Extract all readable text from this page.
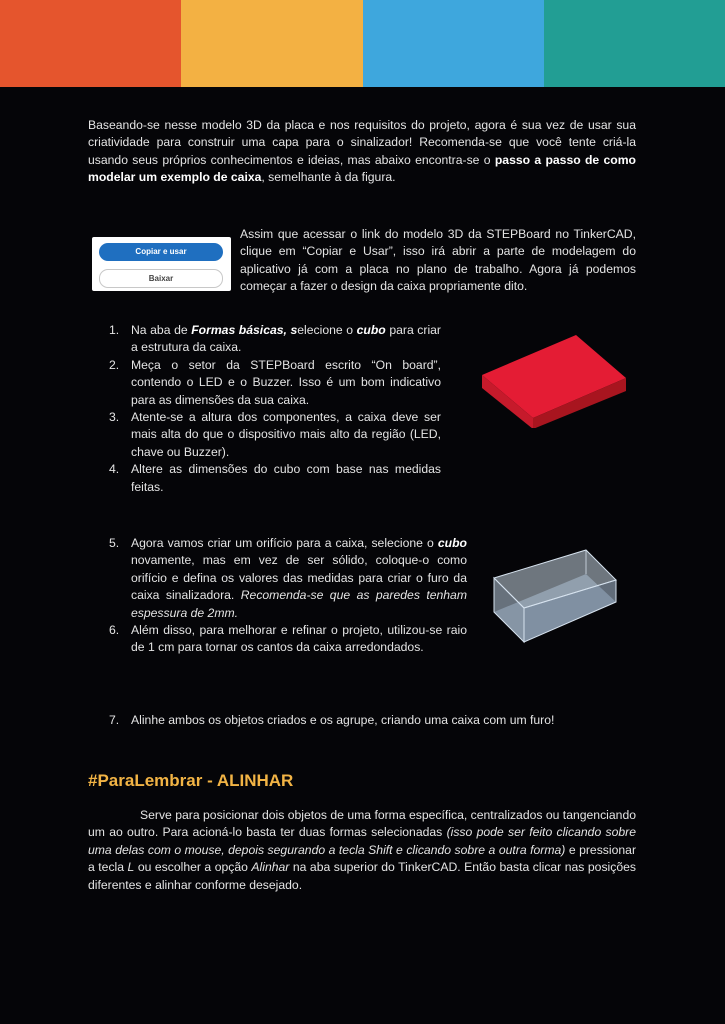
Baseando-se nesse modelo 3D da placa e nos requisitos do projeto, agora é sua vez de usar sua criatividade para construir uma capa para o sinalizador! Recomenda-se que você tente criá-la usando seus próprios conhecimentos e ideias, mas abaixo encontra-se o passo a passo de como modelar um exemplo de caixa, semelhante à da figura.

Copiar e usar
Baixar

Assim que acessar o link do modelo 3D da STEPBoard no TinkerCAD, clique em “Copiar e Usar”, isso irá abrir a parte de modelagem do aplicativo já com a placa no plano de trabalho. Agora já podemos começar a fazer o design da caixa propriamente dito.

1. Na aba de Formas básicas, selecione o cubo para criar a estrutura da caixa.
2. Meça o setor da STEPBoard escrito “On board”, contendo o LED e o Buzzer. Isso é um bom indicativo para as dimensões da sua caixa.
3. Atente-se a altura dos componentes, a caixa deve ser mais alta do que o dispositivo mais alto da região (LED, chave ou Buzzer).
4. Altere as dimensões do cubo com base nas medidas feitas.
5. Agora vamos criar um orifício para a caixa, selecione o cubo novamente, mas em vez de ser sólido, coloque-o como orifício e defina os valores das medidas para criar o furo da caixa sinalizadora. Recomenda-se que as paredes tenham espessura de 2mm.
6. Além disso, para melhorar e refinar o projeto, utilizou-se raio de 1 cm para tornar os cantos da caixa arredondados.
7. Alinhe ambos os objetos criados e os agrupe, criando uma caixa com um furo!
#ParaLembrar - ALINHAR

Serve para posicionar dois objetos de uma forma específica, centralizados ou tangenciando um ao outro. Para acioná-lo basta ter duas formas selecionadas (isso pode ser feito clicando sobre uma delas com o mouse, depois segurando a tecla Shift e clicando sobre a outra forma) e pressionar a tecla L ou escolher a opção Alinhar na aba superior do TinkerCAD. Então basta clicar nas posições diferentes e alinhar conforme desejado.
